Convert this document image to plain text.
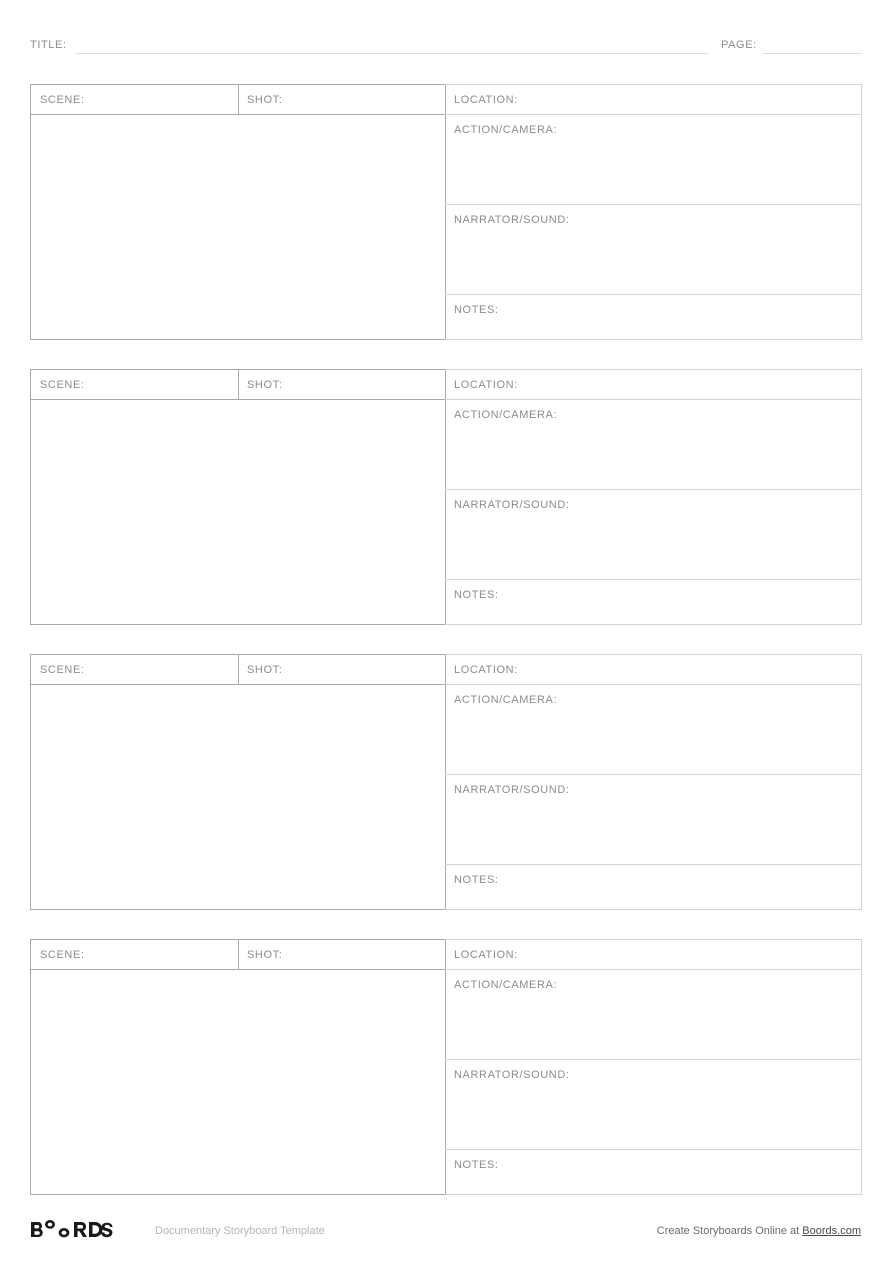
TITLE:	PAGE:
SCENE:	SHOT:	LOCATION:
ACTION/CAMERA:
NARRATOR/SOUND:
NOTES:
SCENE:	SHOT:	LOCATION:
ACTION/CAMERA:
NARRATOR/SOUND:
NOTES:
SCENE:	SHOT:	LOCATION:
ACTION/CAMERA:
NARRATOR/SOUND:
NOTES:
SCENE:	SHOT:	LOCATION:
ACTION/CAMERA:
NARRATOR/SOUND:
NOTES:
Documentary Storyboard Template	Create Storyboards Online at Boords.com
